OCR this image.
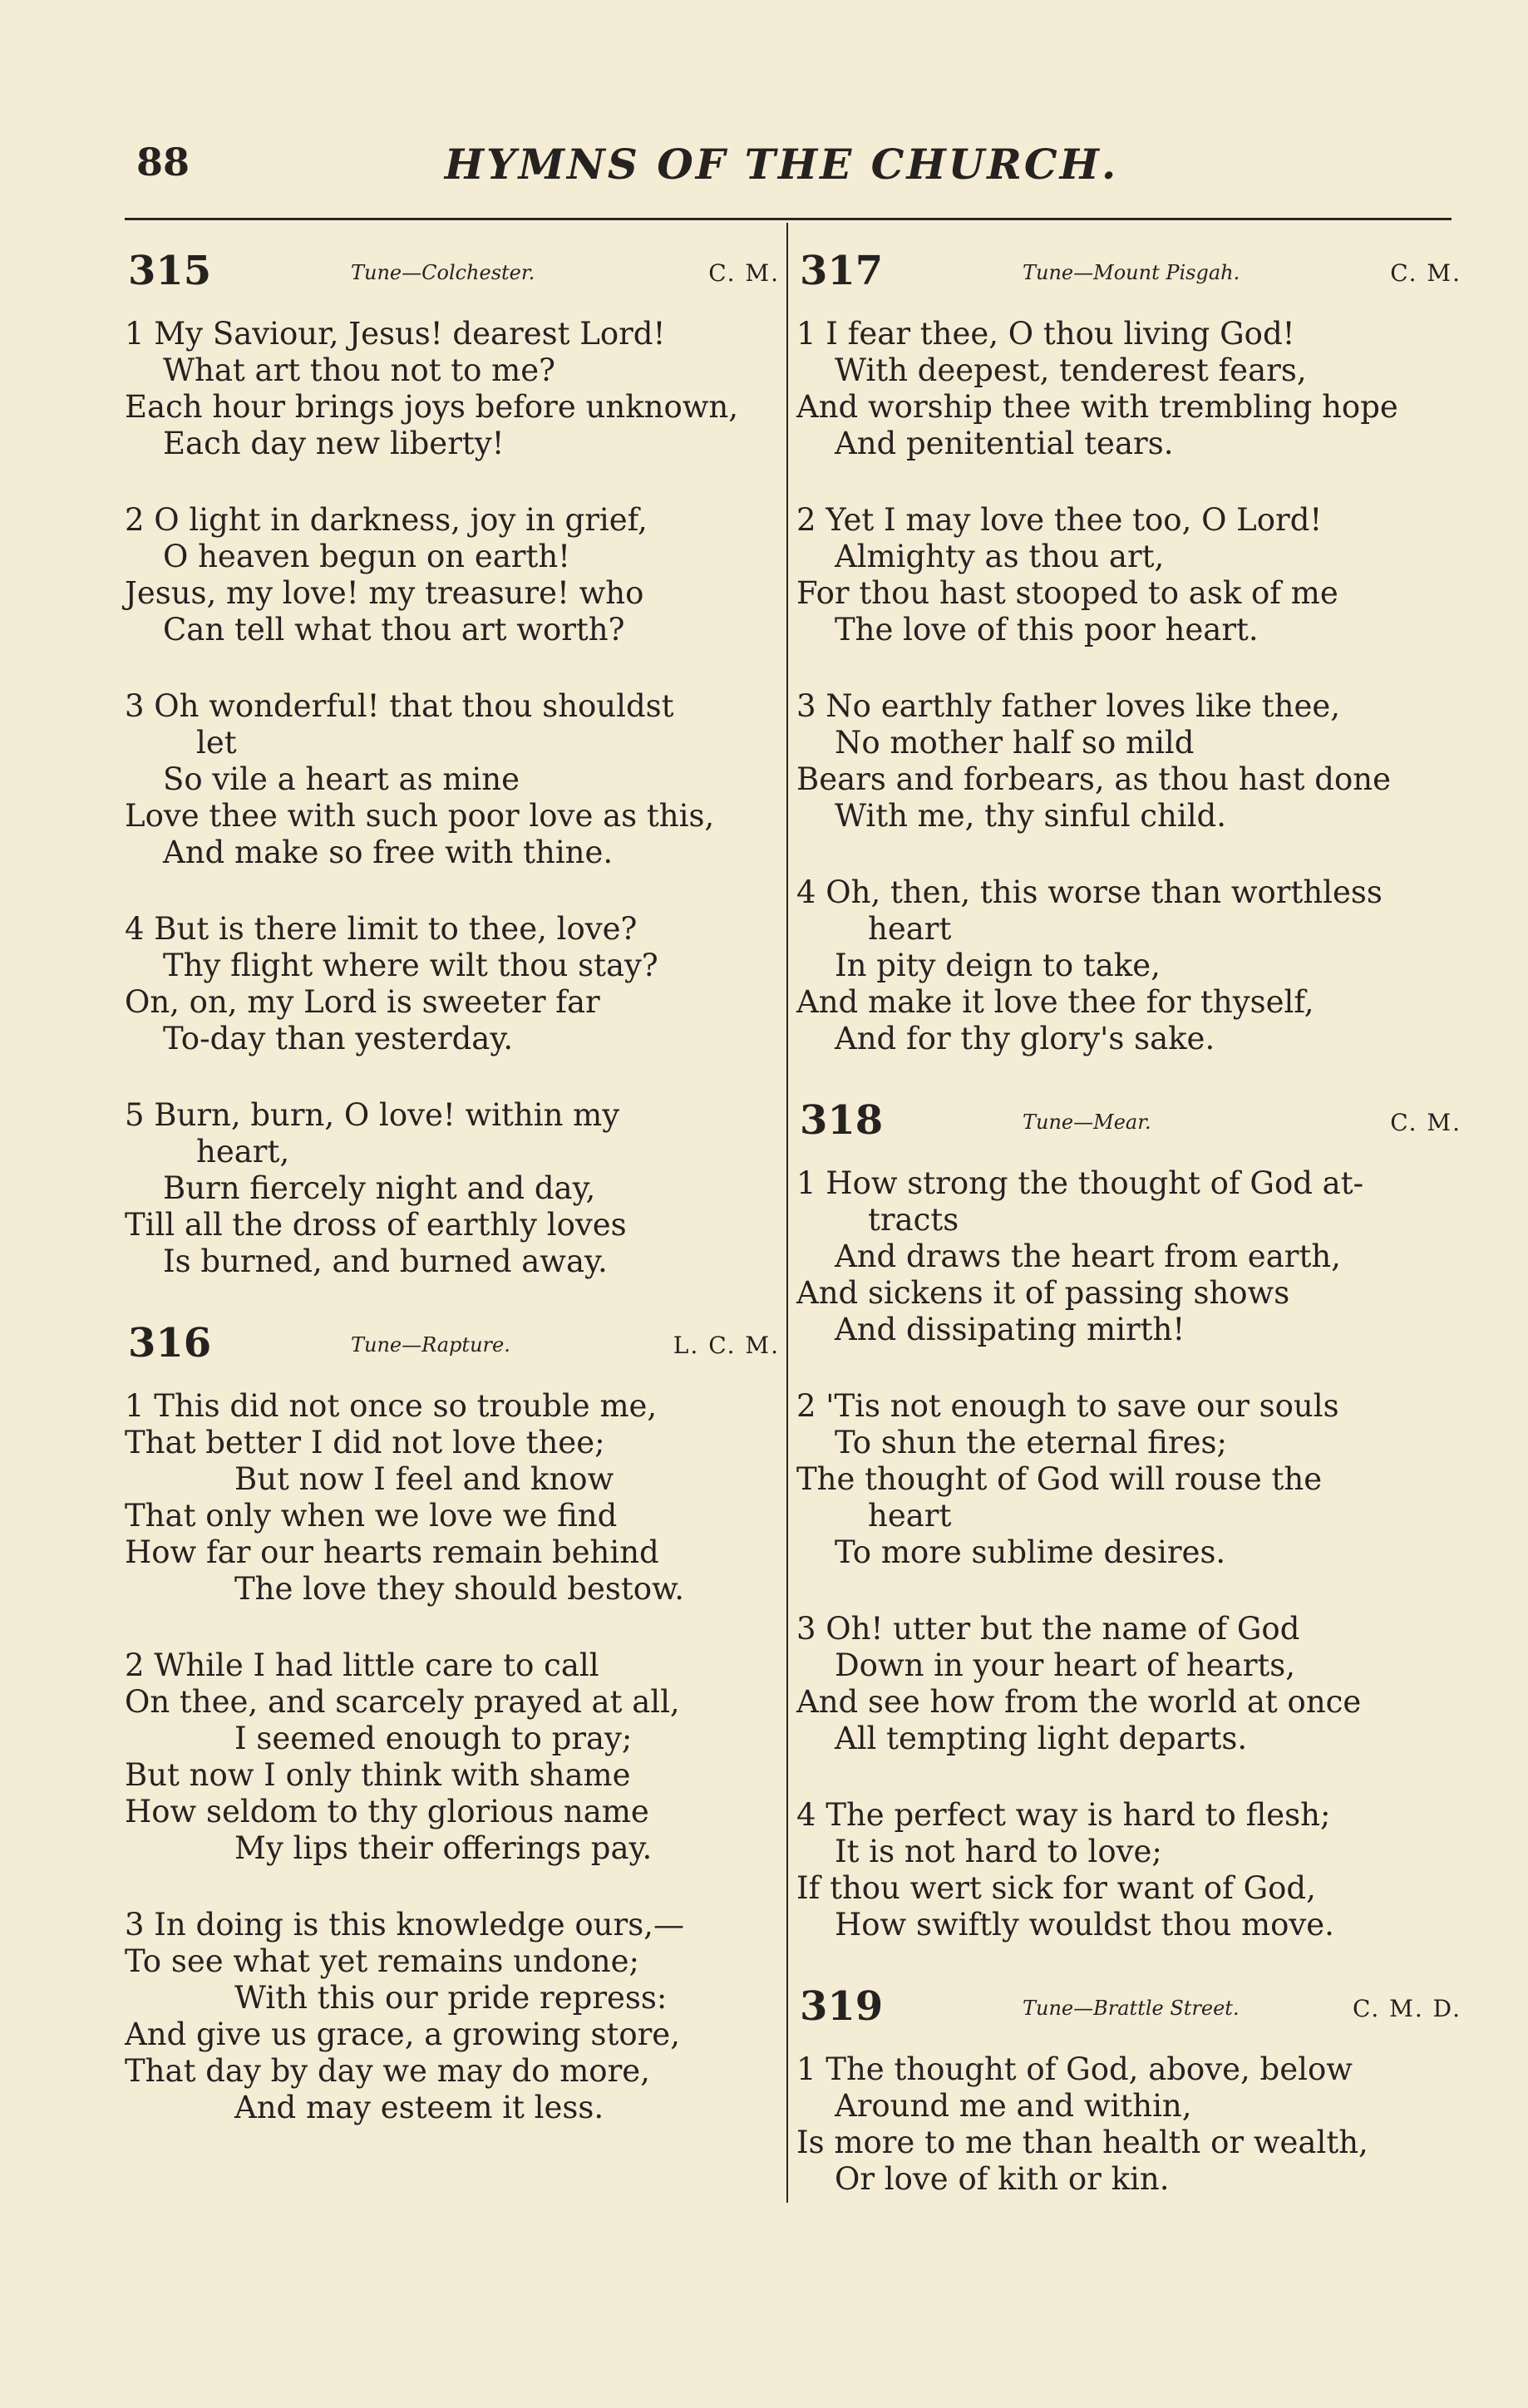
88	HYMNS OF THE CHURCH.
315	Tune—Colchester.	C. M.
1 My Saviour, Jesus! dearest Lord!
What art thou not to me?
Each hour brings joys before unknown,
Each day new liberty!
2 O light in darkness, joy in grief,
O heaven begun on earth!
Jesus, my love! my treasure! who
Can tell what thou art worth?
3 Oh wonderful! that thou shouldst
let
So vile a heart as mine
Love thee with such poor love as this,
And make so free with thine.
4 But is there limit to thee, love?
Thy flight where wilt thou stay?
On, on, my Lord is sweeter far
To-day than yesterday.
5 Burn, burn, O love! within my
heart,
Burn fiercely night and day,
Till all the dross of earthly loves
Is burned, and burned away.
316	Tune—Rapture.	L. C. M.
1 This did not once so trouble me,
That better I did not love thee;
But now I feel and know
That only when we love we find
How far our hearts remain behind
The love they should bestow.
2 While I had little care to call
On thee, and scarcely prayed at all,
I seemed enough to pray;
But now I only think with shame
How seldom to thy glorious name
My lips their offerings pay.
3 In doing is this knowledge ours,—
To see what yet remains undone;
With this our pride repress:
And give us grace, a growing store,
That day by day we may do more,
And may esteem it less.
317	Tune—Mount Pisgah.	C. M.
1 I fear thee, O thou living God!
With deepest, tenderest fears,
And worship thee with trembling hope
And penitential tears.
2 Yet I may love thee too, O Lord!
Almighty as thou art,
For thou hast stooped to ask of me
The love of this poor heart.
3 No earthly father loves like thee,
No mother half so mild
Bears and forbears, as thou hast done
With me, thy sinful child.
4 Oh, then, this worse than worthless
heart
In pity deign to take,
And make it love thee for thyself,
And for thy glory's sake.
318	Tune—Mear.	C. M.
1 How strong the thought of God at-
tracts
And draws the heart from earth,
And sickens it of passing shows
And dissipating mirth!
2 'Tis not enough to save our souls
To shun the eternal fires;
The thought of God will rouse the
heart
To more sublime desires.
3 Oh! utter but the name of God
Down in your heart of hearts,
And see how from the world at once
All tempting light departs.
4 The perfect way is hard to flesh;
It is not hard to love;
If thou wert sick for want of God,
How swiftly wouldst thou move.
319	Tune—Brattle Street.	C. M. D.
1 The thought of God, above, below
Around me and within,
Is more to me than health or wealth,
Or love of kith or kin.
